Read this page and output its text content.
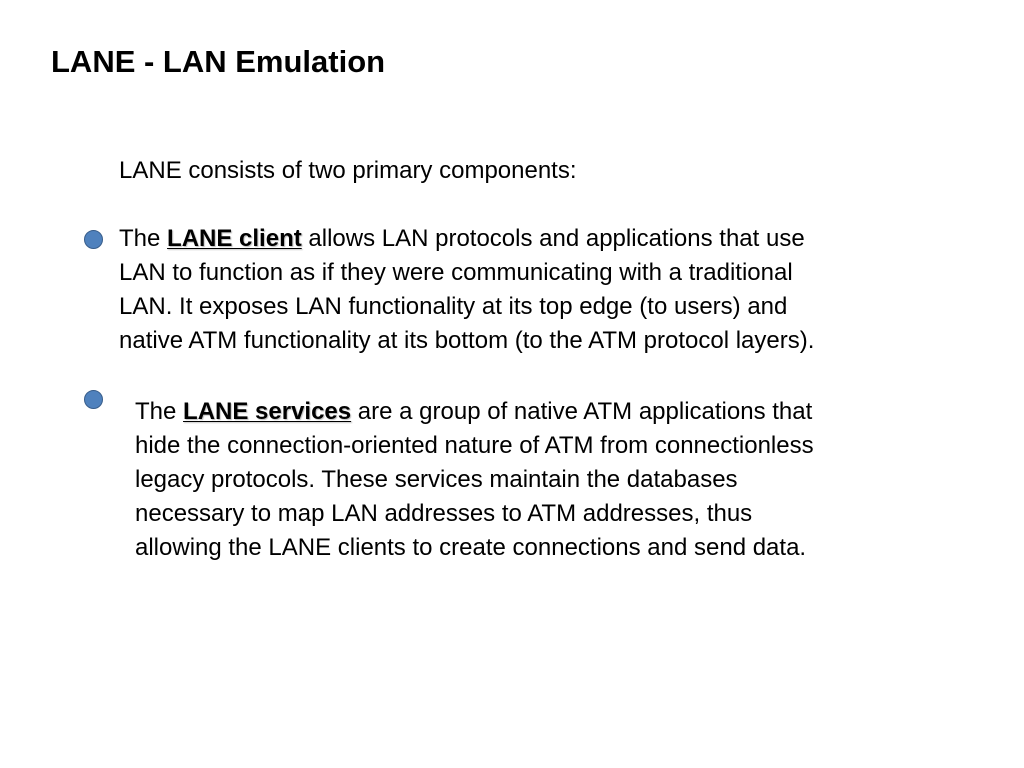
LANE - LAN Emulation
LANE consists of two primary components:
The LANE client allows LAN protocols and applications that use
LAN to function as if they were communicating with a traditional
LAN. It exposes LAN functionality at its top edge (to users) and
native ATM functionality at its bottom (to the ATM protocol layers).
The LANE services are a group of native ATM applications that
hide the connection-oriented nature of ATM from connectionless
legacy protocols. These services maintain the databases
necessary to map LAN addresses to ATM addresses, thus
allowing the LANE clients to create connections and send data.
